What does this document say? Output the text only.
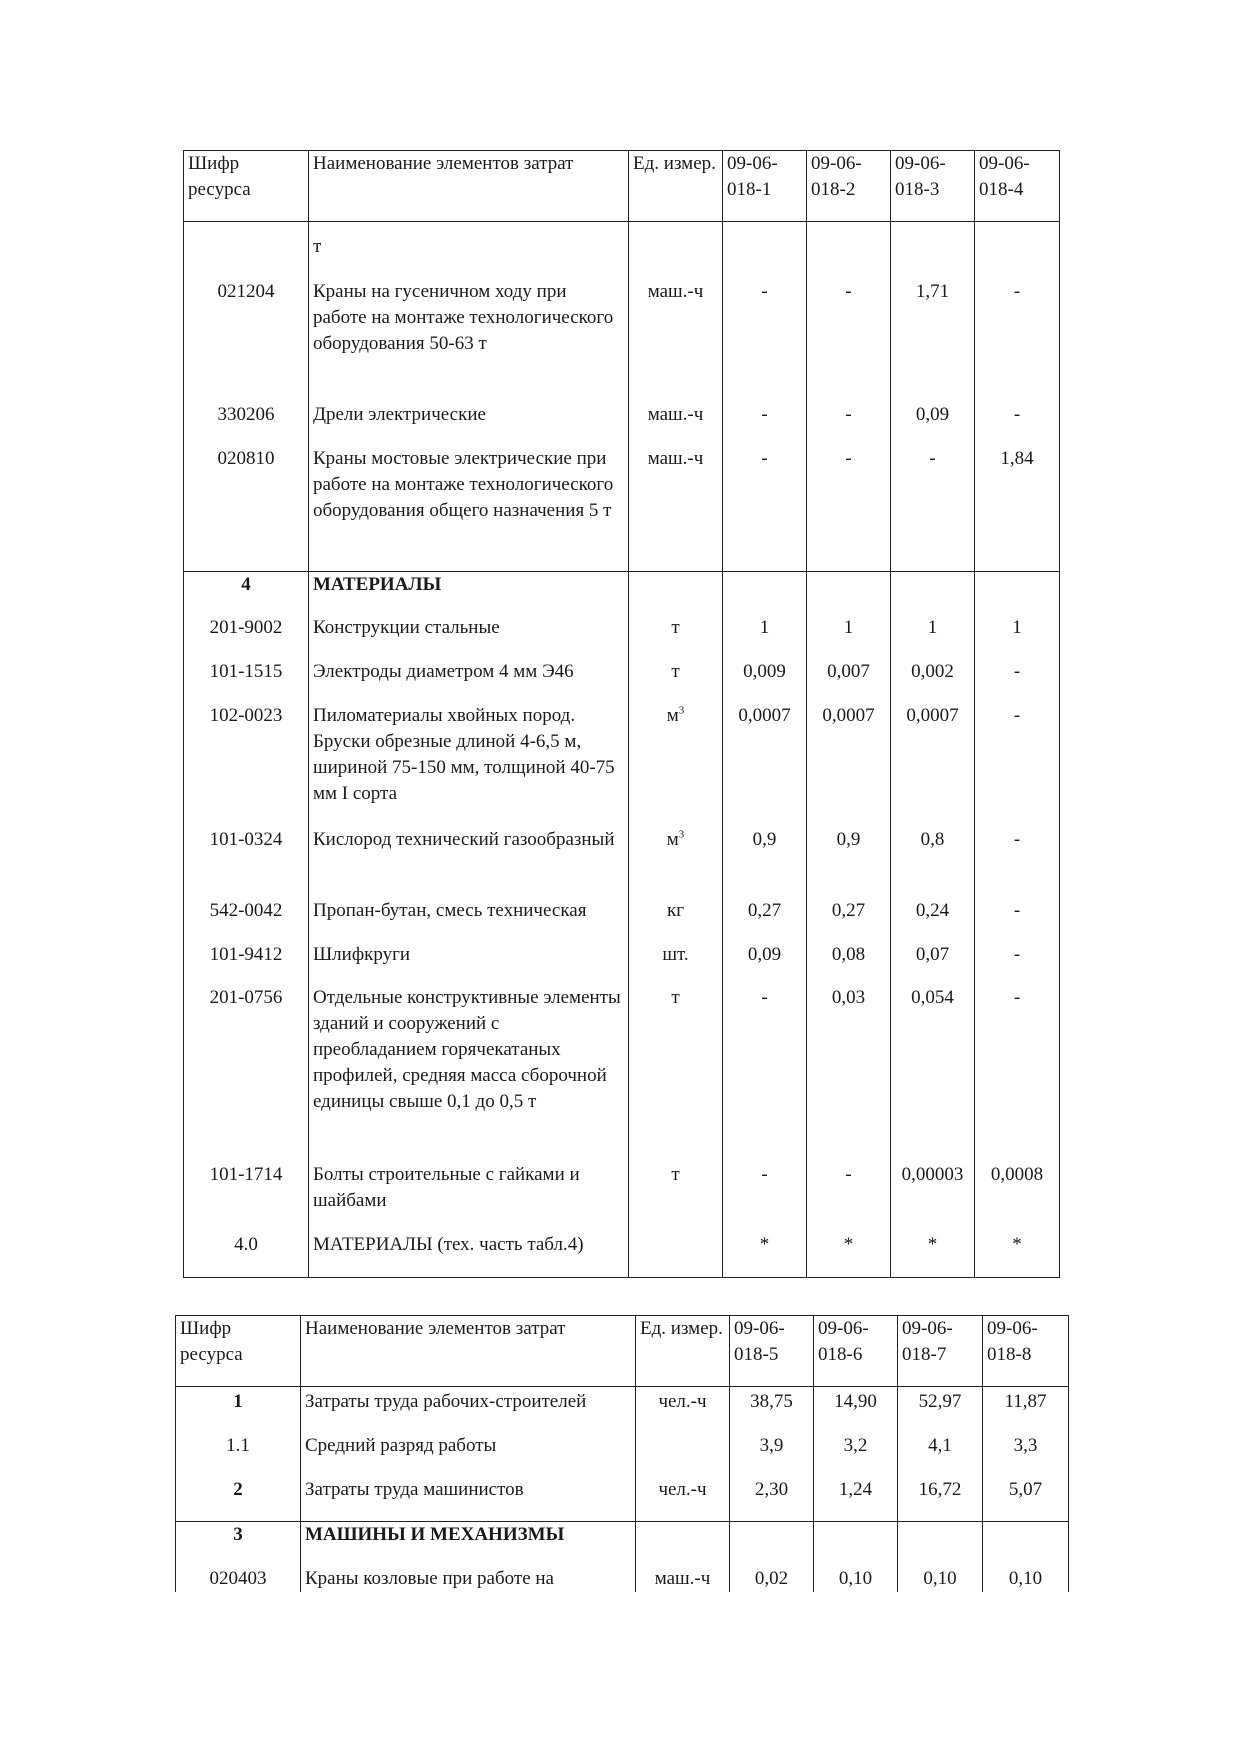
Шифр ресурса	Наименование элементов затрат	Ед. измер.	09-06-018-1	09-06-018-2	09-06-018-3	09-06-018-4
	т					
021204	Краны на гусеничном ходу при работе на монтаже технологического оборудования 50-63 т	маш.-ч	-	-	1,71	-
330206	Дрели электрические	маш.-ч	-	-	0,09	-
020810	Краны мостовые электрические при работе на монтаже технологического оборудования общего назначения 5 т	маш.-ч	-	-	-	1,84
4	МАТЕРИАЛЫ					
201-9002	Конструкции стальные	т	1	1	1	1
101-1515	Электроды диаметром 4 мм Э46	т	0,009	0,007	0,002	-
102-0023	Пиломатериалы хвойных пород. Бруски обрезные длиной 4-6,5 м, шириной 75-150 мм, толщиной 40-75 мм I сорта	$м^3$	0,0007	0,0007	0,0007	-
101-0324	Кислород технический газообразный	$м^3$	0,9	0,9	0,8	-
542-0042	Пропан-бутан, смесь техническая	кг	0,27	0,27	0,24	-
101-9412	Шлифкруги	шт.	0,09	0,08	0,07	-
201-0756	Отдельные конструктивные элементы зданий и сооружений с преобладанием горячекатаных профилей, средняя масса сборочной единицы свыше 0,1 до 0,5 т	т	-	0,03	0,054	-
101-1714	Болты строительные с гайками и шайбами	т	-	-	0,00003	0,0008
4.0	МАТЕРИАЛЫ (тех. часть табл.4)		*	*	*	*
Шифр ресурса	Наименование элементов затрат	Ед. измер.	09-06-018-5	09-06-018-6	09-06-018-7	09-06-018-8
1	Затраты труда рабочих-строителей	чел.-ч	38,75	14,90	52,97	11,87
1.1	Средний разряд работы		3,9	3,2	4,1	3,3
2	Затраты труда машинистов	чел.-ч	2,30	1,24	16,72	5,07
3	МАШИНЫ И МЕХАНИЗМЫ					
020403	Краны козловые при работе на	маш.-ч	0,02	0,10	0,10	0,10
